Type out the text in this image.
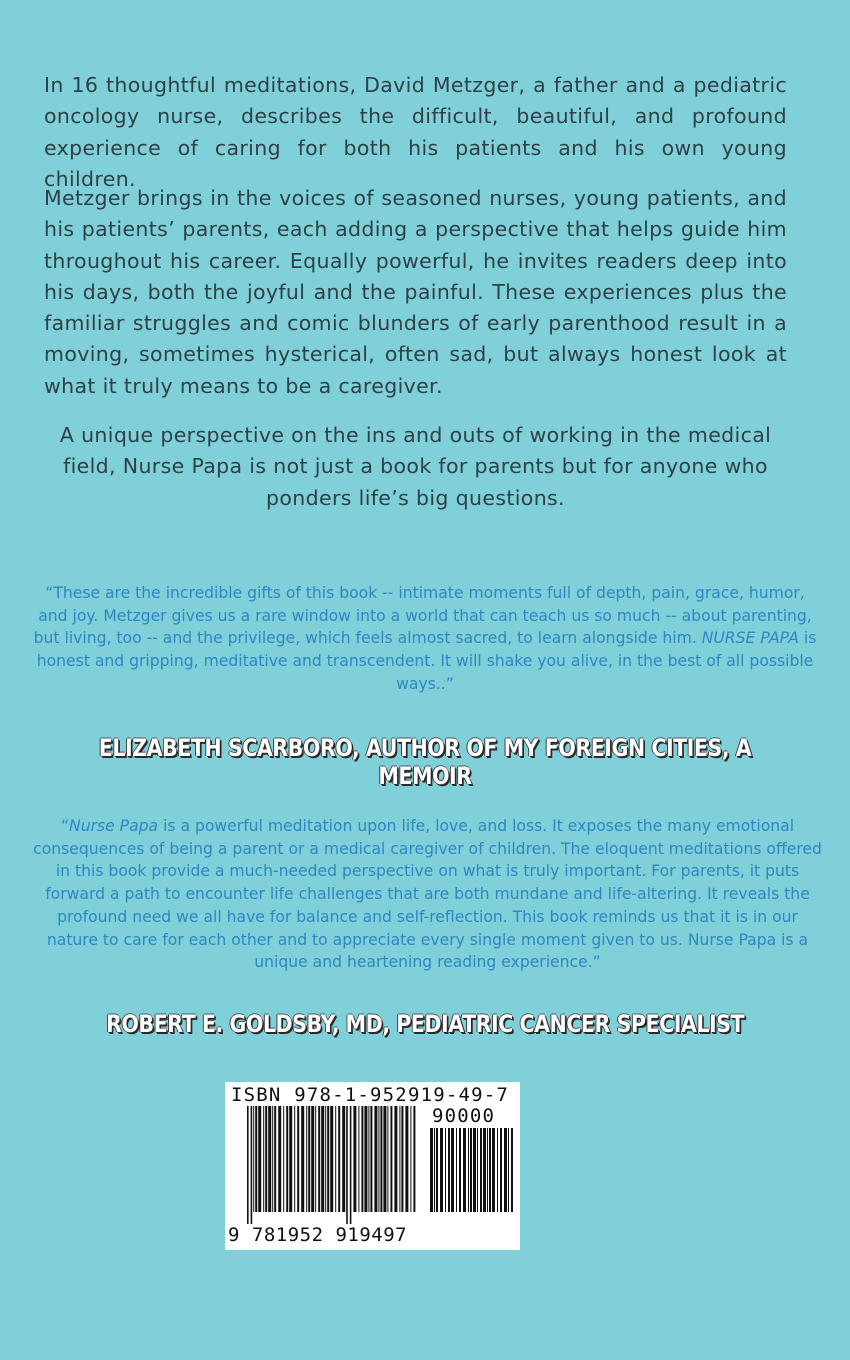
In 16 thoughtful meditations, David Metzger, a father and a pediatric oncology nurse, describes the difficult, beautiful, and profound experience of caring for both his patients and his own young children.

Metzger brings in the voices of seasoned nurses, young patients, and his patients’ parents, each adding a perspective that helps guide him throughout his career. Equally powerful, he invites readers deep into his days, both the joyful and the painful. These experiences plus the familiar struggles and comic blunders of early parenthood result in a moving, sometimes hysterical, often sad, but always honest look at what it truly means to be a caregiver.

A unique perspective on the ins and outs of working in the medical field, Nurse Papa is not just a book for parents but for anyone who ponders life’s big questions.

“These are the incredible gifts of this book -- intimate moments full of depth, pain, grace, humor, and joy. Metzger gives us a rare window into a world that can teach us so much -- about parenting, but living, too -- and the privilege, which feels almost sacred, to learn alongside him. NURSE PAPA is honest and gripping, meditative and transcendent. It will shake you alive, in the best of all possible ways..”

ELIZABETH SCARBORO, AUTHOR OF MY FOREIGN CITIES, A MEMOIR

“Nurse Papa is a powerful meditation upon life, love, and loss. It exposes the many emotional consequences of being a parent or a medical caregiver of children. The eloquent meditations offered in this book provide a much-needed perspective on what is truly important. For parents, it puts forward a path to encounter life challenges that are both mundane and life-altering. It reveals the profound need we all have for balance and self-reflection. This book reminds us that it is in our nature to care for each other and to appreciate every single moment given to us. Nurse Papa is a unique and heartening reading experience.”

ROBERT E. GOLDSBY, MD, PEDIATRIC CANCER SPECIALIST
ISBN 978-1-952919-49-7
90000
9 781952 919497
